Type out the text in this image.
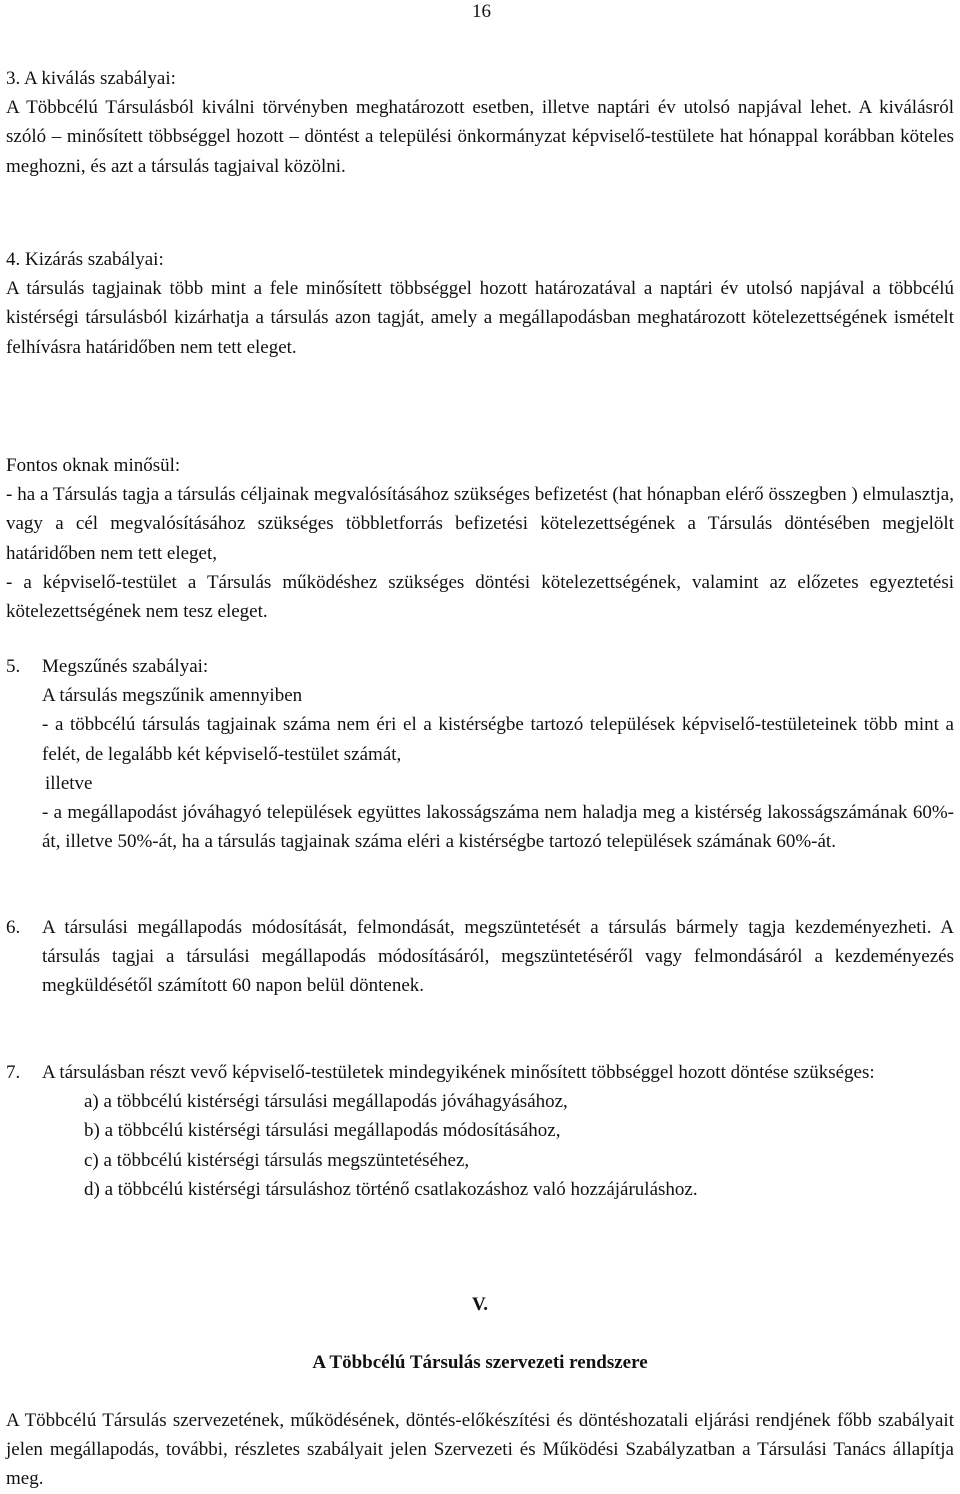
16

3. A kiválás szabályai:

A Többcélú Társulásból kiválni törvényben meghatározott esetben, illetve naptári év utolsó napjával lehet. A kiválásról szóló – minősített többséggel hozott – döntést a települési önkormányzat képviselő-testülete hat hónappal korábban köteles meghozni, és azt a társulás tagjaival közölni.

4. Kizárás szabályai:

A társulás tagjainak több mint a fele minősített többséggel hozott határozatával a naptári év utolsó napjával a többcélú kistérségi társulásból kizárhatja a társulás azon tagját, amely a megállapodásban meghatározott kötelezettségének ismételt felhívásra határidőben nem tett eleget.

Fontos oknak minősül:

- ha a Társulás tagja a társulás céljainak megvalósításához szükséges befizetést (hat hónapban elérő összegben ) elmulasztja, vagy a cél megvalósításához szükséges többletforrás befizetési kötelezettségének a Társulás döntésében megjelölt határidőben nem tett eleget,

- a képviselő-testület a Társulás működéshez szükséges döntési kötelezettségének, valamint az előzetes egyeztetési kötelezettségének nem tesz eleget.

5.	Megszűnés szabályai:

A társulás megszűnik amennyiben

- a többcélú társulás tagjainak száma nem éri el a kistérségbe tartozó települések képviselő-testületeinek több mint a felét, de legalább két képviselő-testület számát,

illetve

- a megállapodást jóváhagyó települések együttes lakosságszáma nem haladja meg a kistérség lakosságszámának 60%-át, illetve 50%-át, ha a társulás tagjainak száma eléri a kistérségbe tartozó települések számának 60%-át.

6.	A társulási megállapodás módosítását, felmondását, megszüntetését a társulás bármely tagja kezdeményezheti. A társulás tagjai a társulási megállapodás módosításáról, megszüntetéséről vagy felmondásáról a kezdeményezés megküldésétől számított 60 napon belül döntenek.

7.	A társulásban részt vevő képviselő-testületek mindegyikének minősített többséggel hozott döntése szükséges:

a) a többcélú kistérségi társulási megállapodás jóváhagyásához,
b) a többcélú kistérségi társulási megállapodás módosításához,
c) a többcélú kistérségi társulás megszüntetéséhez,
d) a többcélú kistérségi társuláshoz történő csatlakozáshoz való hozzájáruláshoz.
V.
A Többcélú Társulás szervezeti rendszere

A Többcélú Társulás szervezetének, működésének, döntés-előkészítési és döntéshozatali eljárási rendjének főbb szabályait jelen megállapodás, további, részletes szabályait jelen Szervezeti és Működési Szabályzatban a Társulási Tanács állapítja meg.
